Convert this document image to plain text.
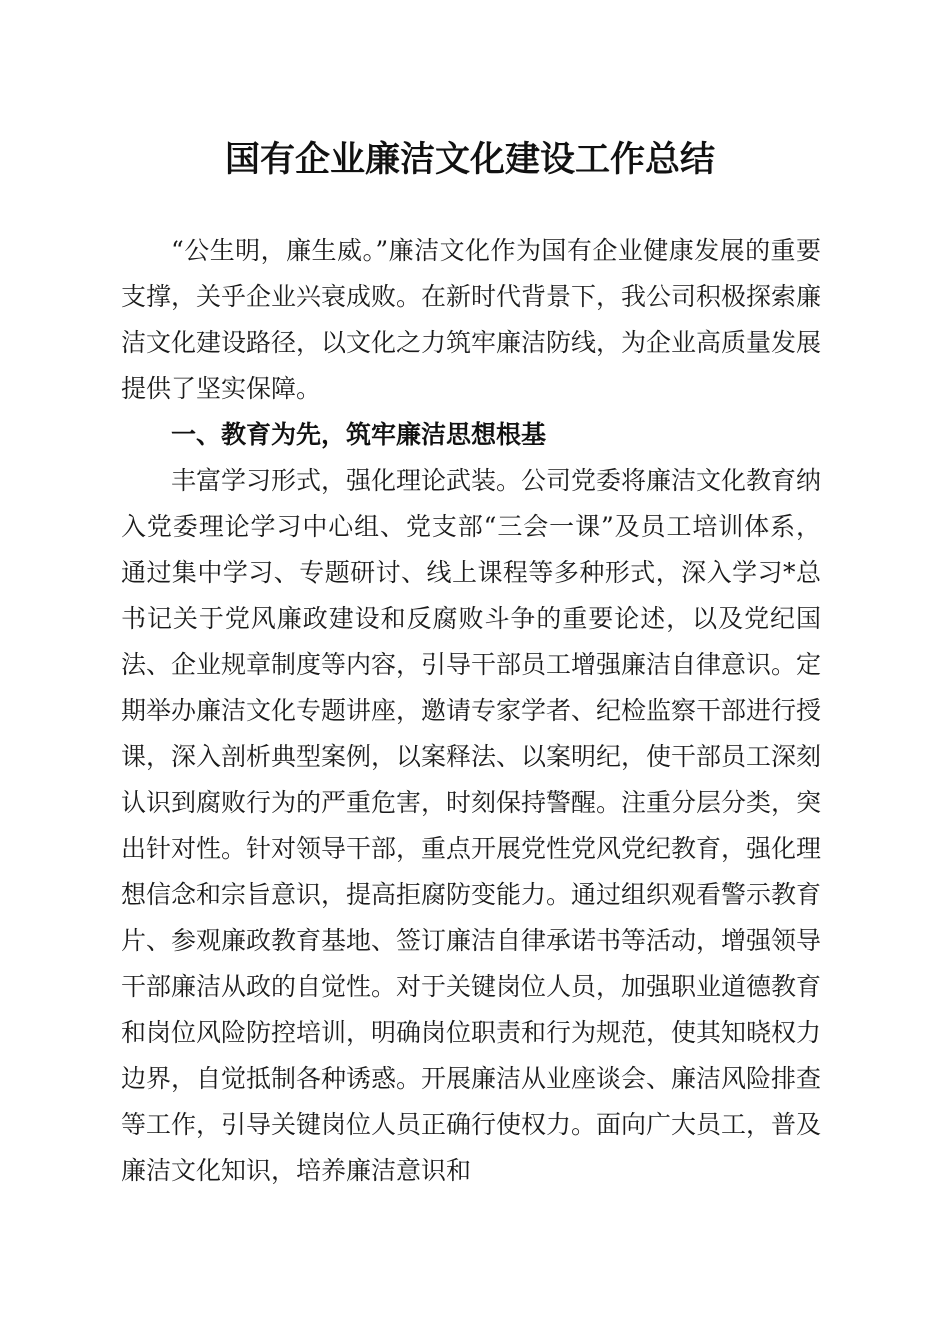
国有企业廉洁文化建设工作总结

“公生明，廉生威。”廉洁文化作为国有企业健康发展的重要支撑，关乎企业兴衰成败。在新时代背景下，我公司积极探索廉洁文化建设路径，以文化之力筑牢廉洁防线，为企业高质量发展提供了坚实保障。

一、教育为先，筑牢廉洁思想根基

丰富学习形式，强化理论武装。公司党委将廉洁文化教育纳入党委理论学习中心组、党支部“三会一课”及员工培训体系，通过集中学习、专题研讨、线上课程等多种形式，深入学习*总书记关于党风廉政建设和反腐败斗争的重要论述，以及党纪国法、企业规章制度等内容，引导干部员工增强廉洁自律意识。定期举办廉洁文化专题讲座，邀请专家学者、纪检监察干部进行授课，深入剖析典型案例，以案释法、以案明纪，使干部员工深刻认识到腐败行为的严重危害，时刻保持警醒。注重分层分类，突出针对性。针对领导干部，重点开展党性党风党纪教育，强化理想信念和宗旨意识，提高拒腐防变能力。通过组织观看警示教育片、参观廉政教育基地、签订廉洁自律承诺书等活动，增强领导干部廉洁从政的自觉性。对于关键岗位人员，加强职业道德教育和岗位风险防控培训，明确岗位职责和行为规范，使其知晓权力边界，自觉抵制各种诱惑。开展廉洁从业座谈会、廉洁风险排查等工作，引导关键岗位人员正确行使权力。面向广大员工，普及廉洁文化知识，培养廉洁意识和
